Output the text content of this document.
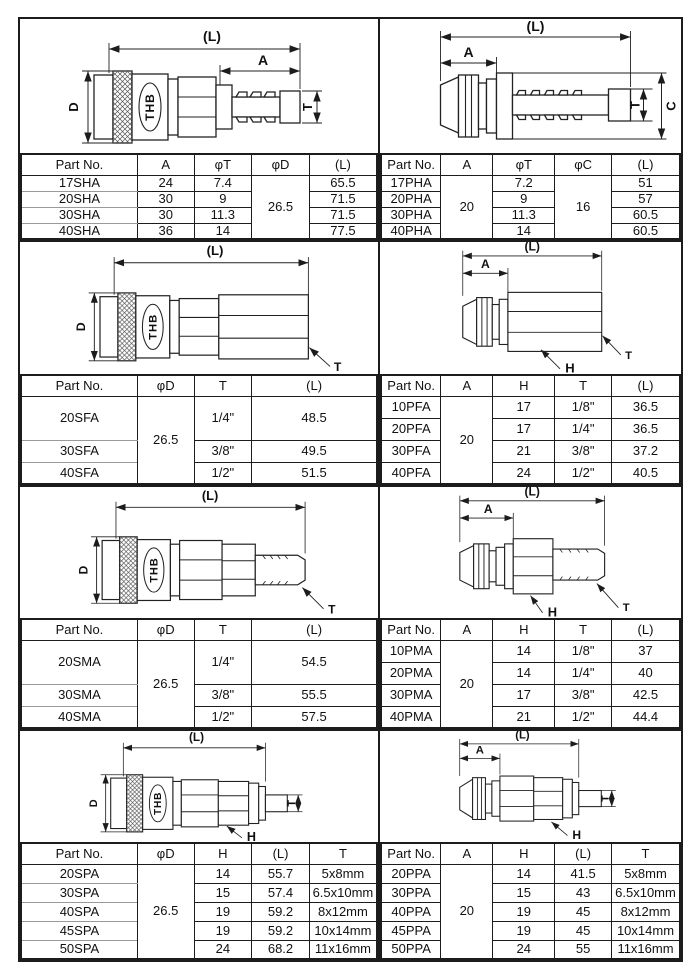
(L)
A
D	THB	T
Part No.	A	φT	φD	(L)
17SHA	24	7.4	26.5	65.5
20SHA	30	9		71.5
30SHA	30	11.3		71.5
40SHA	36	14		77.5
(L)
A
T C
Part No.	A	φT	φC	(L)
17PHA	20	7.2	16	51
20PHA		9		57
30PHA		11.3		60.5
40PHA		14		60.5
(L)
D	THB
T
Part No.	φD	T	(L)
20SFA	26.5	1/4"	48.5
30SFA		3/8"	49.5
40SFA		1/2"	51.5
(L)
A
T
H
Part No.	A	H	T	(L)
10PFA	20	17	1/8"	36.5
20PFA		17	1/4"	36.5
30PFA		21	3/8"	37.2
40PFA		24	1/2"	40.5
(L)
D	THB
T
Part No.	φD	T	(L)
20SMA	26.5	1/4"	54.5
30SMA		3/8"	55.5
40SMA		1/2"	57.5
(L)
A
H	T
Part No.	A	H	T	(L)
10PMA	20	14	1/8"	37
20PMA		14	1/4"	40
30PMA		17	3/8"	42.5
40PMA		21	1/2"	44.4
(L)
D	THB	T
H
Part No.	φD	H	(L)	T
20SPA	26.5	14	55.7	5x8mm
30SPA		15	57.4	6.5x10mm
40SPA		19	59.2	8x12mm
45SPA		19	59.2	10x14mm
50SPA		24	68.2	11x16mm
(L)
A
T
H
Part No.	A	H	(L)	T
20PPA	20	14	41.5	5x8mm
30PPA		15	43	6.5x10mm
40PPA		19	45	8x12mm
45PPA		19	45	10x14mm
50PPA		24	55	11x16mm
